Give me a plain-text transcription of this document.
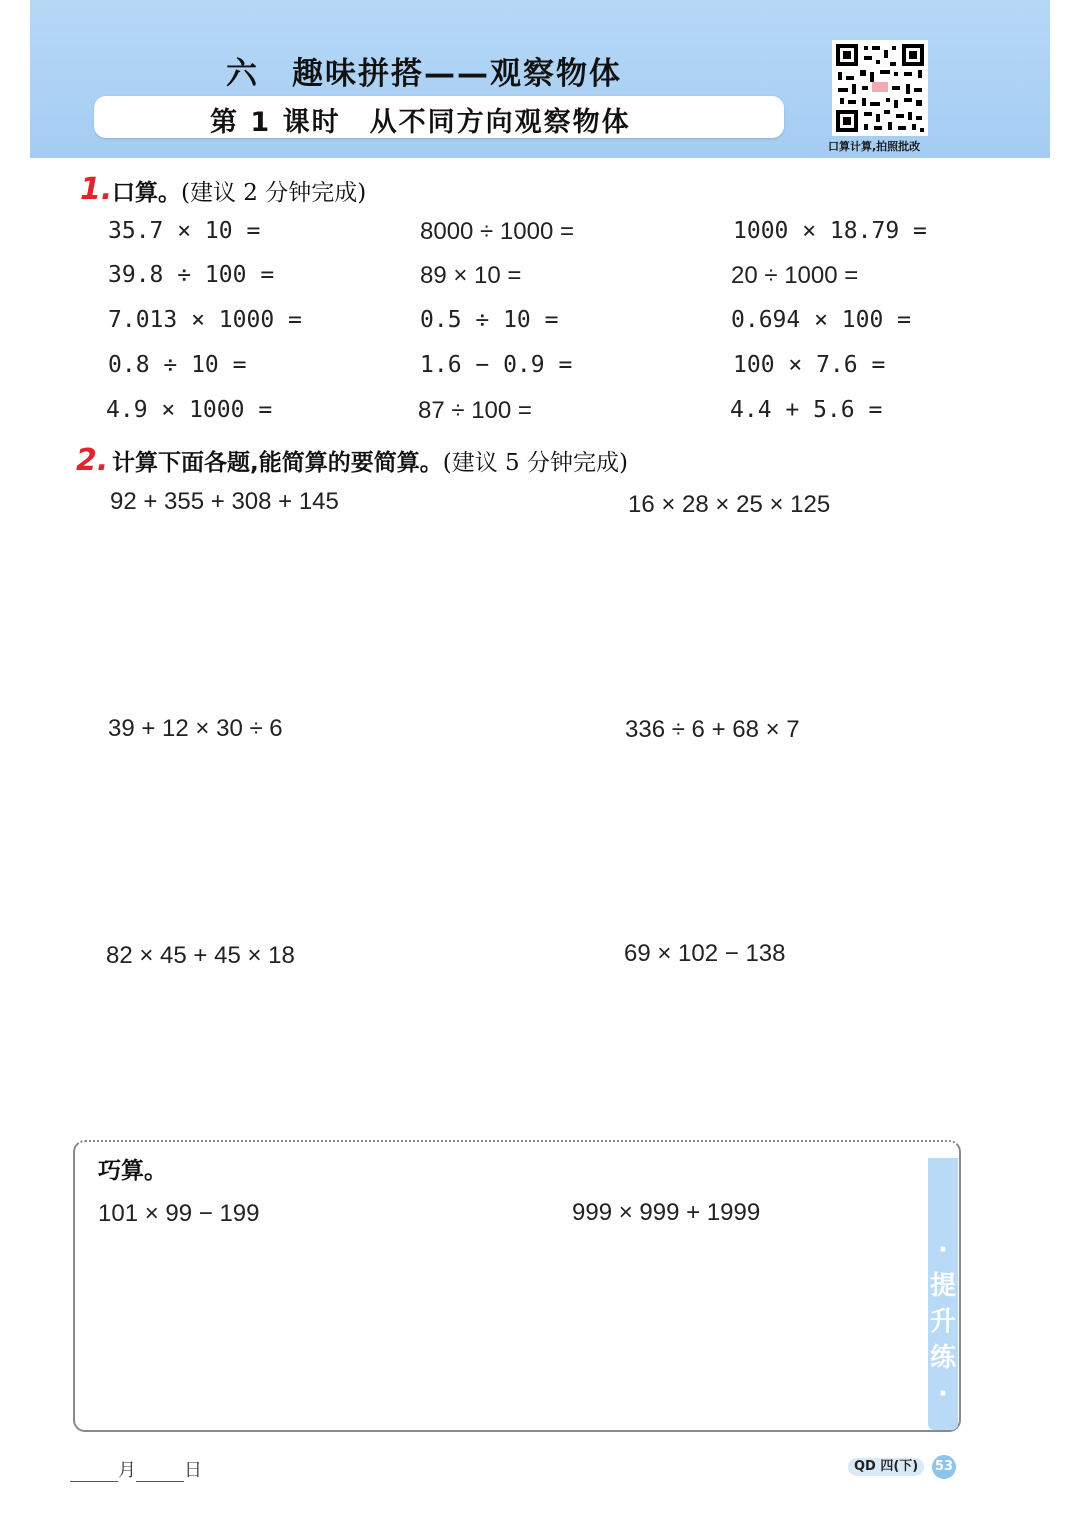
六　趣味拼搭——观察物体
第 1 课时　从不同方向观察物体
口算计算,拍照批改
1. 口算。(建议 2 分钟完成)
35.7 × 10 =	8000 ÷ 1000 =	1000 × 18.79 =
39.8 ÷ 100 =	89 × 10 =	20 ÷ 1000 =
7.013 × 1000 =	0.5 ÷ 10 =	0.694 × 100 =
0.8 ÷ 10 =	1.6 − 0.9 =	100 × 7.6 =
4.9 × 1000 =	87 ÷ 100 =	4.4 + 5.6 =
2. 计算下面各题,能简算的要简算。(建议 5 分钟完成)
92 + 355 + 308 + 145	16 × 28 × 25 × 125
39 + 12 × 30 ÷ 6	336 ÷ 6 + 68 × 7
82 × 45 + 45 × 18	69 × 102 − 138
·提升练·
巧算。
101 × 99 − 199	999 × 999 + 1999
月	日	QD 四(下)	53
